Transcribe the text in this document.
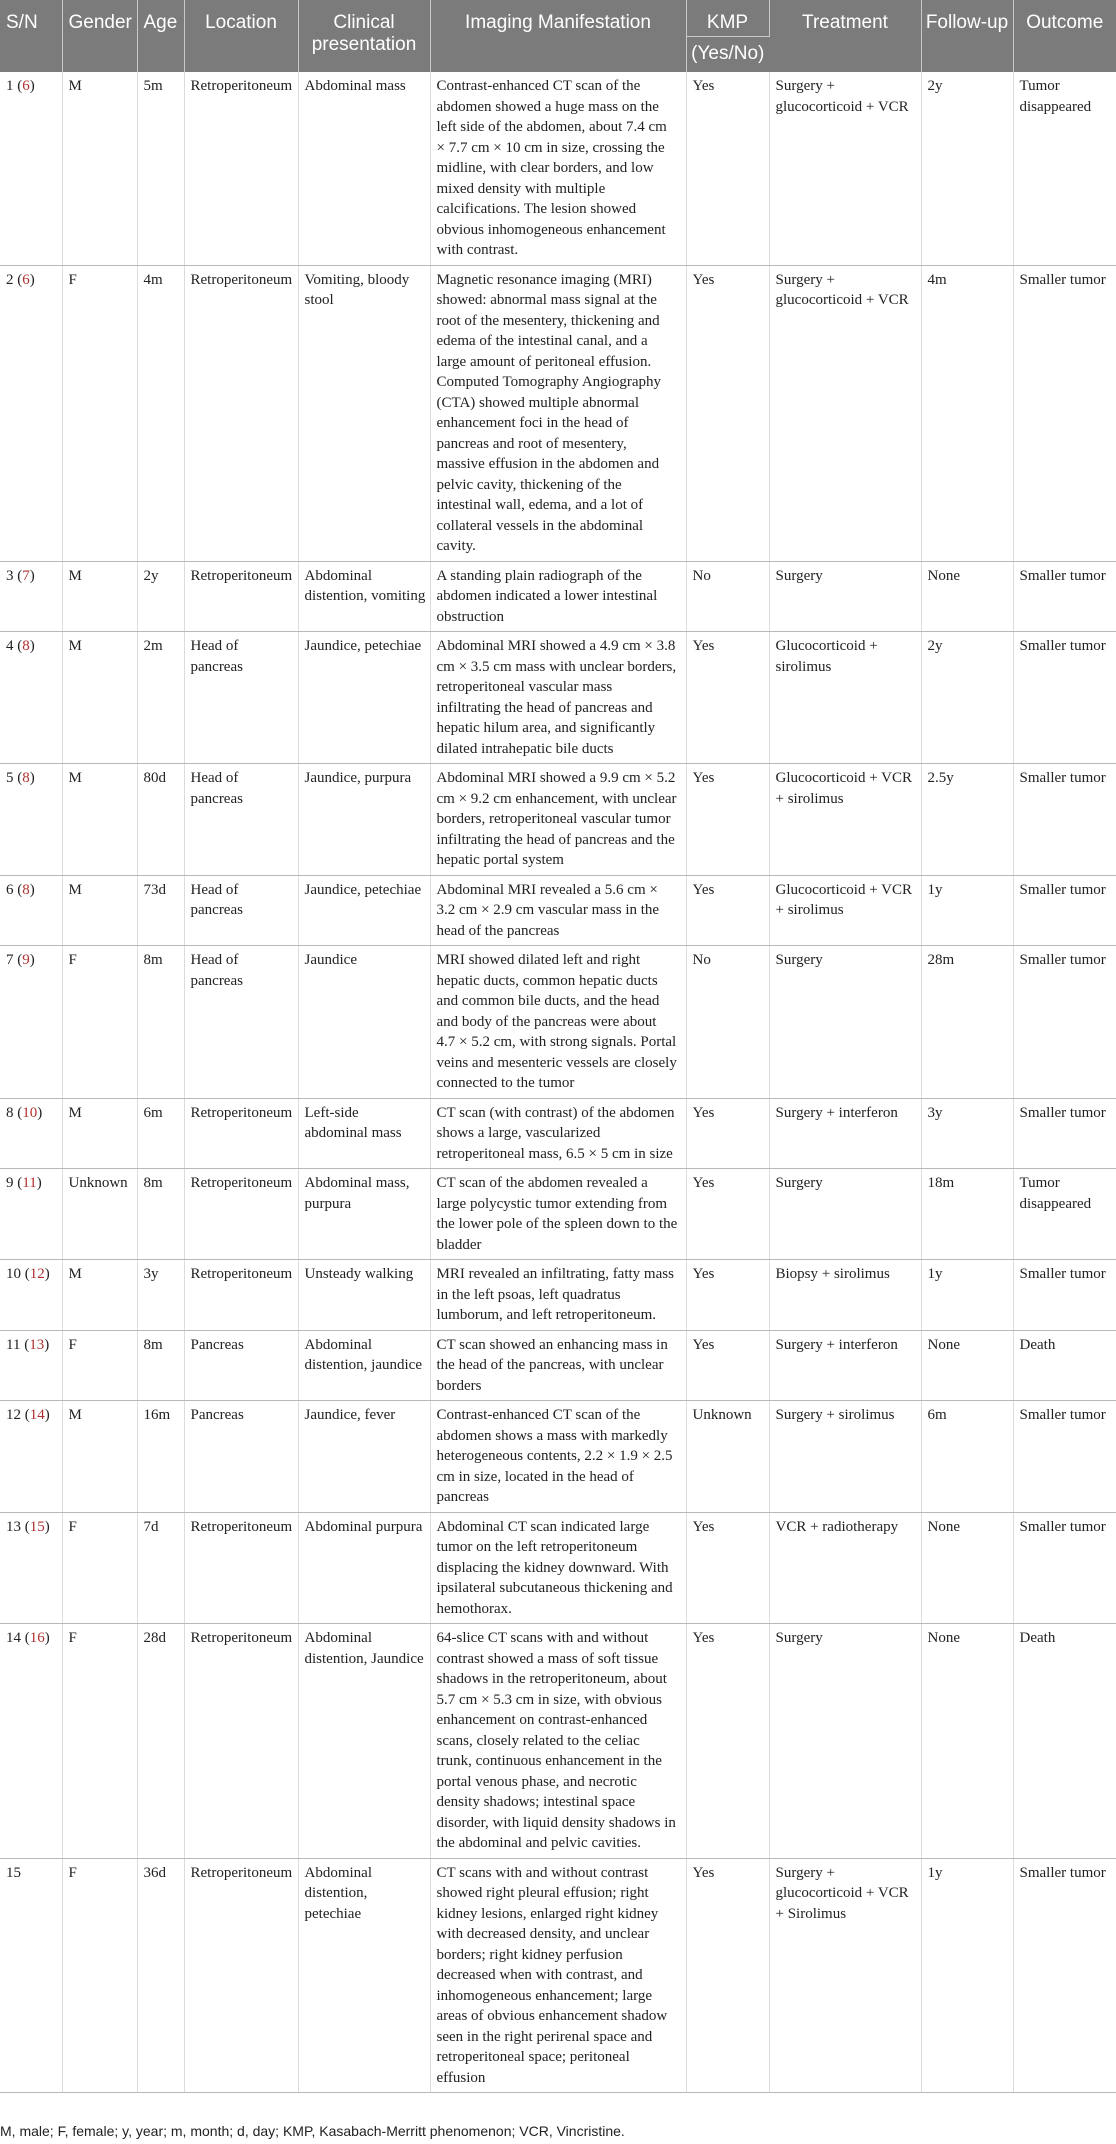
S/N	Gender	Age	Location	Clinical presentation	Imaging Manifestation	KMP	Treatment	Follow-up	Outcome
						(Yes/No)			
1 (6)	M	5m	Retroperitoneum	Abdominal mass	Contrast-enhanced CT scan of the abdomen showed a huge mass on the left side of the abdomen, about 7.4 cm × 7.7 cm × 10 cm in size, crossing the midline, with clear borders, and low mixed density with multiple calcifications. The lesion showed obvious inhomogeneous enhancement with contrast.	Yes	Surgery + glucocorticoid + VCR	2y	Tumor disappeared
2 (6)	F	4m	Retroperitoneum	Vomiting, bloody stool	Magnetic resonance imaging (MRI) showed: abnormal mass signal at the root of the mesentery, thickening and edema of the intestinal canal, and a large amount of peritoneal effusion. Computed Tomography Angiography (CTA) showed multiple abnormal enhancement foci in the head of pancreas and root of mesentery, massive effusion in the abdomen and pelvic cavity, thickening of the intestinal wall, edema, and a lot of collateral vessels in the abdominal cavity.	Yes	Surgery + glucocorticoid + VCR	4m	Smaller tumor
3 (7)	M	2y	Retroperitoneum	Abdominal distention, vomiting	A standing plain radiograph of the abdomen indicated a lower intestinal obstruction	No	Surgery	None	Smaller tumor
4 (8)	M	2m	Head of pancreas	Jaundice, petechiae	Abdominal MRI showed a 4.9 cm × 3.8 cm × 3.5 cm mass with unclear borders, retroperitoneal vascular mass infiltrating the head of pancreas and hepatic hilum area, and significantly dilated intrahepatic bile ducts	Yes	Glucocorticoid + sirolimus	2y	Smaller tumor
5 (8)	M	80d	Head of pancreas	Jaundice, purpura	Abdominal MRI showed a 9.9 cm × 5.2 cm × 9.2 cm enhancement, with unclear borders, retroperitoneal vascular tumor infiltrating the head of pancreas and the hepatic portal system	Yes	Glucocorticoid + VCR + sirolimus	2.5y	Smaller tumor
6 (8)	M	73d	Head of pancreas	Jaundice, petechiae	Abdominal MRI revealed a 5.6 cm × 3.2 cm × 2.9 cm vascular mass in the head of the pancreas	Yes	Glucocorticoid + VCR + sirolimus	1y	Smaller tumor
7 (9)	F	8m	Head of pancreas	Jaundice	MRI showed dilated left and right hepatic ducts, common hepatic ducts and common bile ducts, and the head and body of the pancreas were about 4.7 × 5.2 cm, with strong signals. Portal veins and mesenteric vessels are closely connected to the tumor	No	Surgery	28m	Smaller tumor
8 (10)	M	6m	Retroperitoneum	Left-side abdominal mass	CT scan (with contrast) of the abdomen shows a large, vascularized retroperitoneal mass, 6.5 × 5 cm in size	Yes	Surgery + interferon	3y	Smaller tumor
9 (11)	Unknown	8m	Retroperitoneum	Abdominal mass, purpura	CT scan of the abdomen revealed a large polycystic tumor extending from the lower pole of the spleen down to the bladder	Yes	Surgery	18m	Tumor disappeared
10 (12)	M	3y	Retroperitoneum	Unsteady walking	MRI revealed an infiltrating, fatty mass in the left psoas, left quadratus lumborum, and left retroperitoneum.	Yes	Biopsy + sirolimus	1y	Smaller tumor
11 (13)	F	8m	Pancreas	Abdominal distention, jaundice	CT scan showed an enhancing mass in the head of the pancreas, with unclear borders	Yes	Surgery + interferon	None	Death
12 (14)	M	16m	Pancreas	Jaundice, fever	Contrast-enhanced CT scan of the abdomen shows a mass with markedly heterogeneous contents, 2.2 × 1.9 × 2.5 cm in size, located in the head of pancreas	Unknown	Surgery + sirolimus	6m	Smaller tumor
13 (15)	F	7d	Retroperitoneum	Abdominal purpura	Abdominal CT scan indicated large tumor on the left retroperitoneum displacing the kidney downward. With ipsilateral subcutaneous thickening and hemothorax.	Yes	VCR + radiotherapy	None	Smaller tumor
14 (16)	F	28d	Retroperitoneum	Abdominal distention, Jaundice	64-slice CT scans with and without contrast showed a mass of soft tissue shadows in the retroperitoneum, about 5.7 cm × 5.3 cm in size, with obvious enhancement on contrast-enhanced scans, closely related to the celiac trunk, continuous enhancement in the portal venous phase, and necrotic density shadows; intestinal space disorder, with liquid density shadows in the abdominal and pelvic cavities.	Yes	Surgery	None	Death
15	F	36d	Retroperitoneum	Abdominal distention, petechiae	CT scans with and without contrast showed right pleural effusion; right kidney lesions, enlarged right kidney with decreased density, and unclear borders; right kidney perfusion decreased when with contrast, and inhomogeneous enhancement; large areas of obvious enhancement shadow seen in the right perirenal space and retroperitoneal space; peritoneal effusion	Yes	Surgery + glucocorticoid + VCR + Sirolimus	1y	Smaller tumor
M, male; F, female; y, year; m, month; d, day; KMP, Kasabach-Merritt phenomenon; VCR, Vincristine.
